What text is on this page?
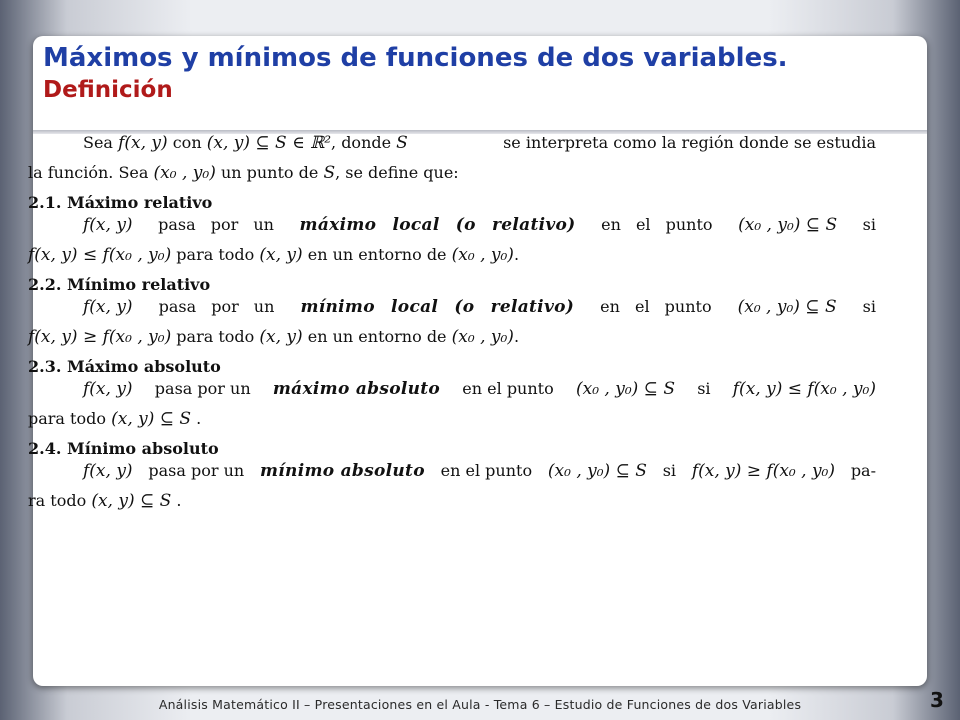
Máximos y mínimos de funciones de dos variables.
Definición
Sea f(x, y) con (x, y) ⊆ S ∈ ℝ², donde S	se interpreta como la región donde se estudia
la función. Sea (x₀ , y₀) un punto de S, se define que:
2.1. Máximo relativo
f(x, y) pasa por un máximo local (o relativo) en el punto (x₀ , y₀) ⊆ S si
f(x, y) ≤ f(x₀ , y₀) para todo (x, y) en un entorno de (x₀ , y₀).
2.2. Mínimo relativo
f(x, y) pasa por un mínimo local (o relativo) en el punto (x₀ , y₀) ⊆ S si
f(x, y) ≥ f(x₀ , y₀) para todo (x, y) en un entorno de (x₀ , y₀).
2.3. Máximo absoluto
f(x, y) pasa por un máximo absoluto en el punto (x₀ , y₀) ⊆ S si f(x, y) ≤ f(x₀ , y₀)
para todo (x, y) ⊆ S .
2.4. Mínimo absoluto
f(x, y) pasa por un mínimo absoluto en el punto (x₀ , y₀) ⊆ S si f(x, y) ≥ f(x₀ , y₀) pa-
ra todo (x, y) ⊆ S .
Análisis Matemático II – Presentaciones en el Aula - Tema 6 – Estudio de Funciones de dos Variables	3
